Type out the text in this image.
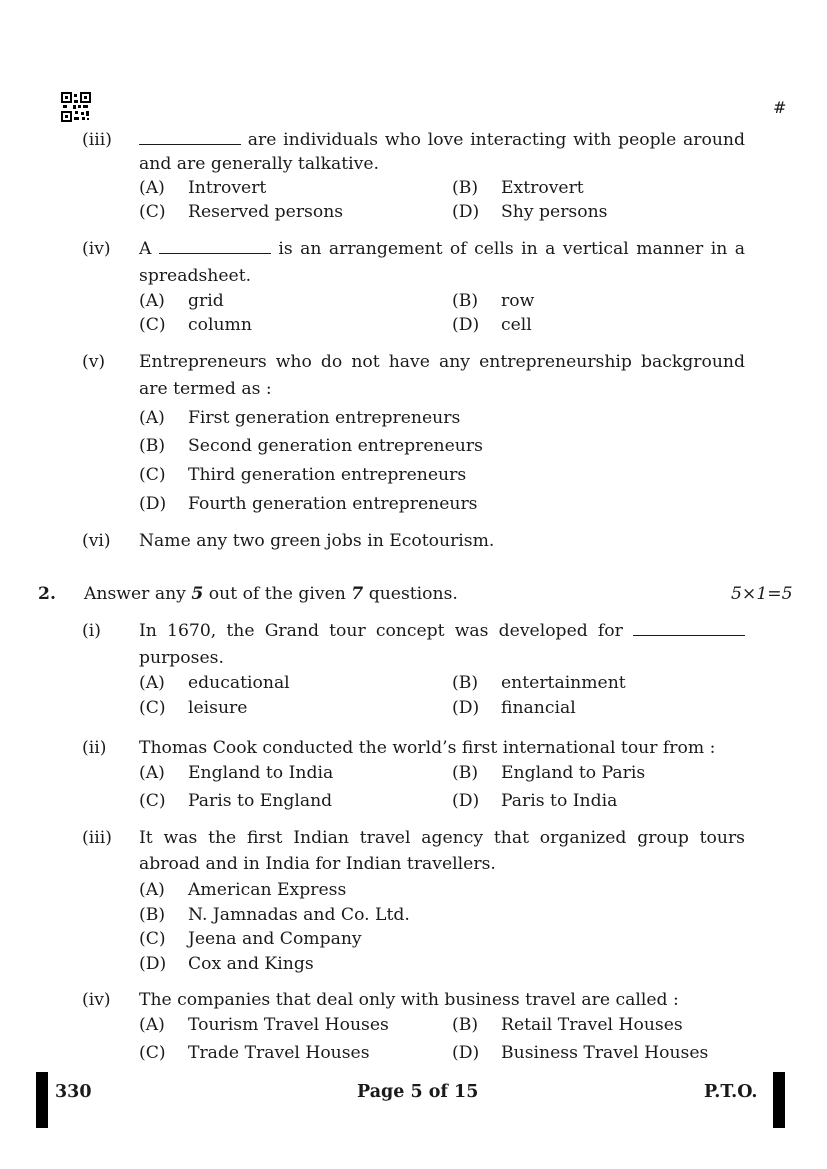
#
(iii)	are individuals who love interacting with people around
and are generally talkative.
(A) Introvert	(B) Extrovert
(C) Reserved persons	(D) Shy persons
(iv) A	is an arrangement of cells in a vertical manner in a
spreadsheet.
(A) grid	(B) row
(C) column	(D) cell
(v) Entrepreneurs who do not have any entrepreneurship background
are termed as :
(A) First generation entrepreneurs
(B) Second generation entrepreneurs
(C) Third generation entrepreneurs
(D) Fourth generation entrepreneurs
(vi) Name any two green jobs in Ecotourism.
2. Answer any 5 out of the given 7 questions.	5×1=5
(i) In 1670, the Grand tour concept was developed for
purposes.
(A) educational	(B) entertainment
(C) leisure	(D) financial
(ii) Thomas Cook conducted the world’s first international tour from :
(A) England to India	(B) England to Paris
(C) Paris to England	(D) Paris to India
(iii) It was the first Indian travel agency that organized group tours
abroad and in India for Indian travellers.
(A) American Express
(B) N. Jamnadas and Co. Ltd.
(C) Jeena and Company
(D) Cox and Kings
(iv) The companies that deal only with business travel are called :
(A) Tourism Travel Houses	(B) Retail Travel Houses
(C) Trade Travel Houses	(D) Business Travel Houses
330	Page 5 of 15	P.T.O.
